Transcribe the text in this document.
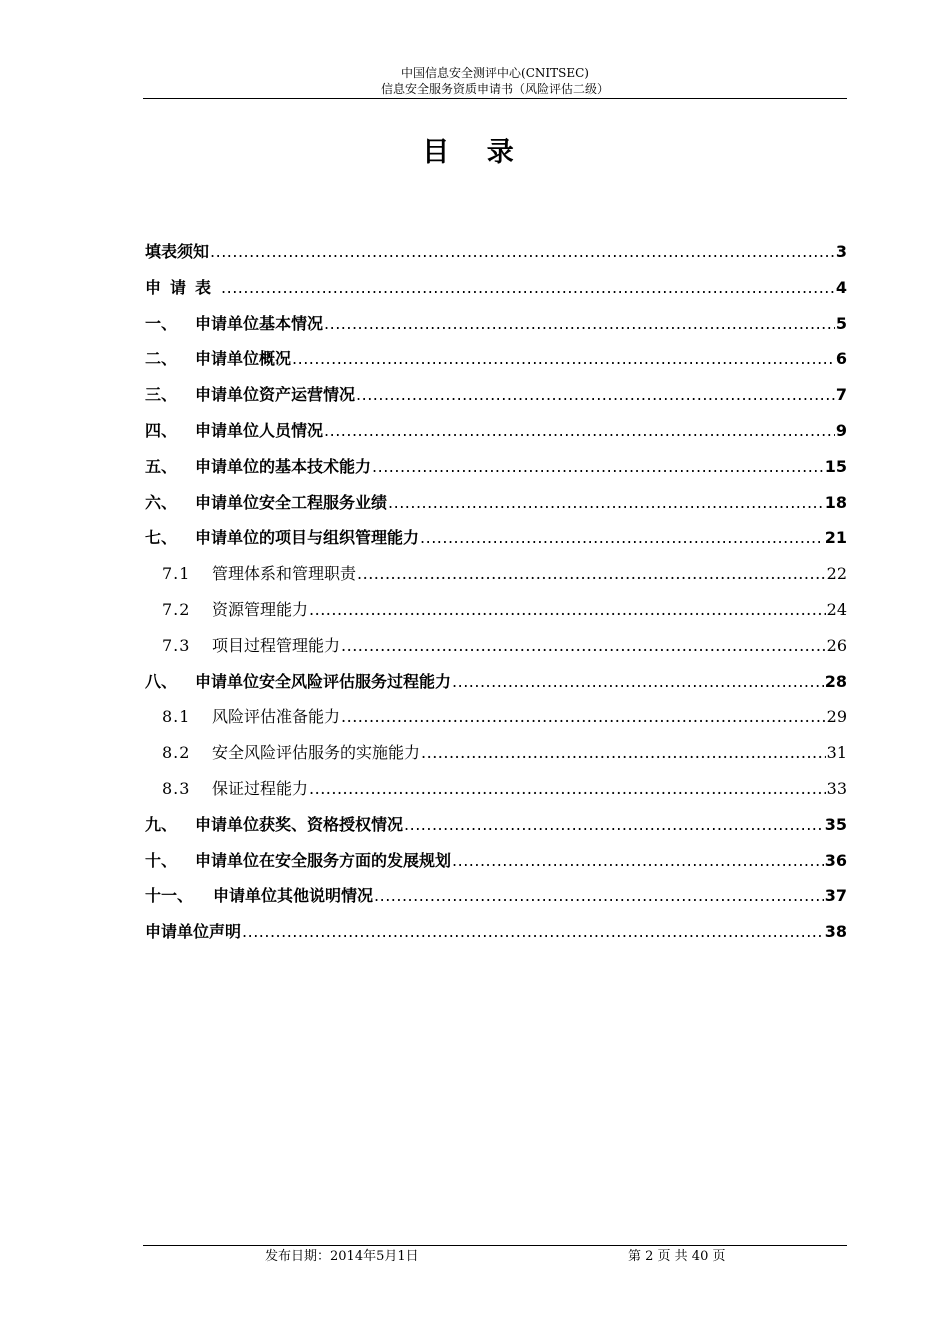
中国信息安全测评中心(CNITSEC)
信息安全服务资质申请书（风险评估二级）
目 录
填表须知 .....	3
申请表 .....	4
一、	申请单位基本情况 .....	5
二、	申请单位概况 .....	6
三、	申请单位资产运营情况 .....	7
四、	申请单位人员情况 .....	9
五、	申请单位的基本技术能力 .....	15
六、	申请单位安全工程服务业绩 .....	18
七、	申请单位的项目与组织管理能力 .....	21
7.1	管理体系和管理职责 .....	22
7.2	资源管理能力 .....	24
7.3	项目过程管理能力 .....	26
八、	申请单位安全风险评估服务过程能力 .....	28
8.1	风险评估准备能力 .....	29
8.2	安全风险评估服务的实施能力 .....	31
8.3	保证过程能力 .....	33
九、	申请单位获奖、资格授权情况 .....	35
十、	申请单位在安全服务方面的发展规划 .....	36
十一、	申请单位其他说明情况 .....	37
申请单位声明 .....	38
发布日期：2014年5月1日	第 2 页 共 40 页
